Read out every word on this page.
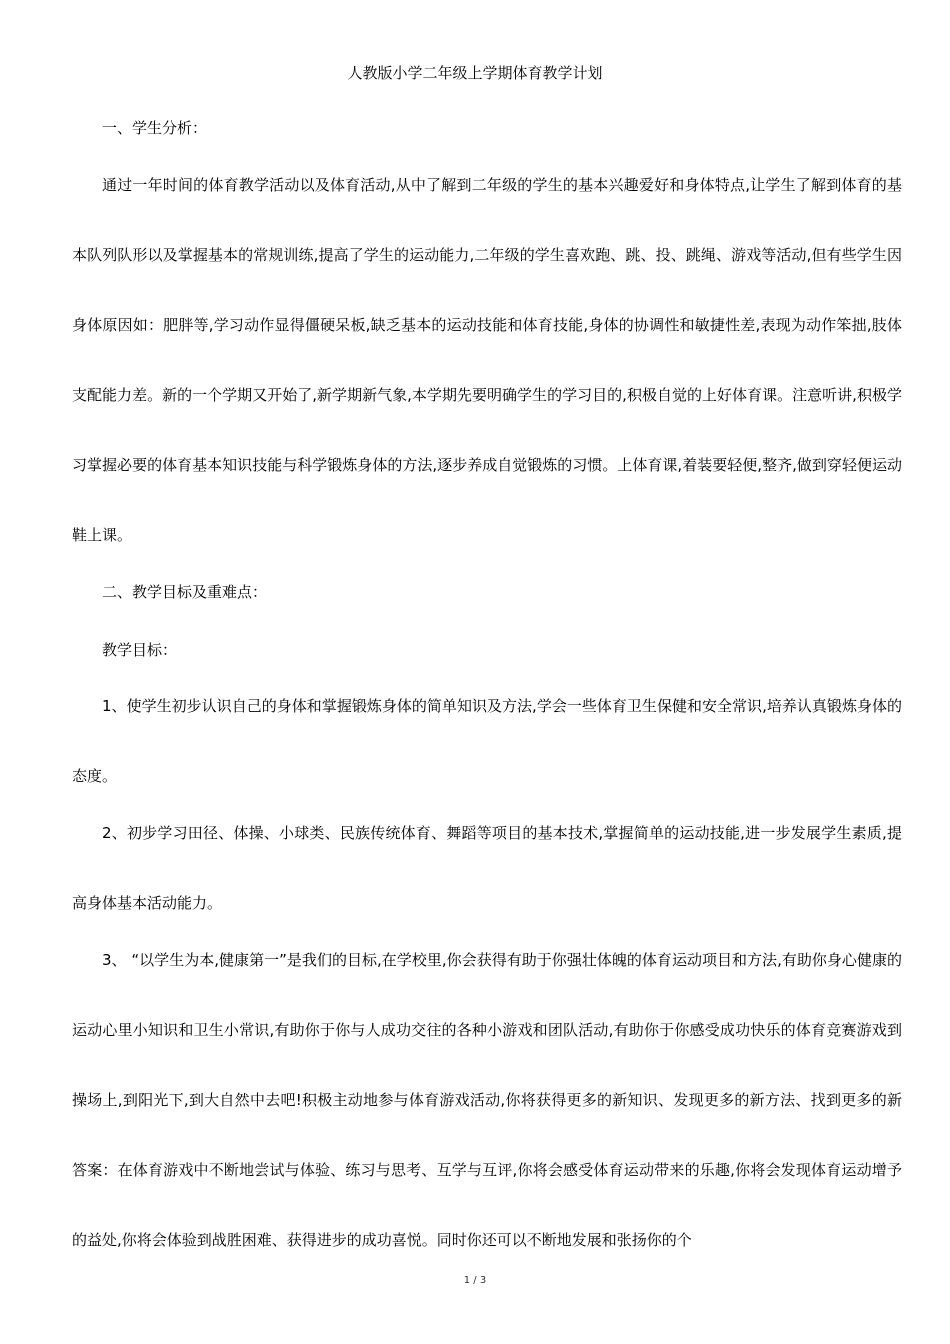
人教版小学二年级上学期体育教学计划
一、学生分析：
通过一年时间的体育教学活动以及体育活动,从中了解到二年级的学生的基本兴趣爱好和身体特点,让学生了解到体育的基本队列队形以及掌握基本的常规训练,提高了学生的运动能力,二年级的学生喜欢跑、跳、投、跳绳、游戏等活动,但有些学生因身体原因如：肥胖等,学习动作显得僵硬呆板,缺乏基本的运动技能和体育技能,身体的协调性和敏捷性差,表现为动作笨拙,肢体支配能力差。新的一个学期又开始了,新学期新气象,本学期先要明确学生的学习目的,积极自觉的上好体育课。注意听讲,积极学习掌握必要的体育基本知识技能与科学锻炼身体的方法,逐步养成自觉锻炼的习惯。上体育课,着装要轻便,整齐,做到穿轻便运动鞋上课。
二、教学目标及重难点：
教学目标：
1、使学生初步认识自己的身体和掌握锻炼身体的简单知识及方法,学会一些体育卫生保健和安全常识,培养认真锻炼身体的态度。
2、初步学习田径、体操、小球类、民族传统体育、舞蹈等项目的基本技术,掌握简单的运动技能,进一步发展学生素质,提高身体基本活动能力。
3、 “以学生为本,健康第一”是我们的目标,在学校里,你会获得有助于你强壮体魄的体育运动项目和方法,有助你身心健康的运动心里小知识和卫生小常识,有助你于你与人成功交往的各种小游戏和团队活动,有助你于你感受成功快乐的体育竞赛游戏到操场上,到阳光下,到大自然中去吧!积极主动地参与体育游戏活动,你将获得更多的新知识、发现更多的新方法、找到更多的新答案：在体育游戏中不断地尝试与体验、练习与思考、互学与互评,你将会感受体育运动带来的乐趣,你将会发现体育运动增予的益处,你将会体验到战胜困难、获得进步的成功喜悦。同时你还可以不断地发展和张扬你的个
1 / 3
